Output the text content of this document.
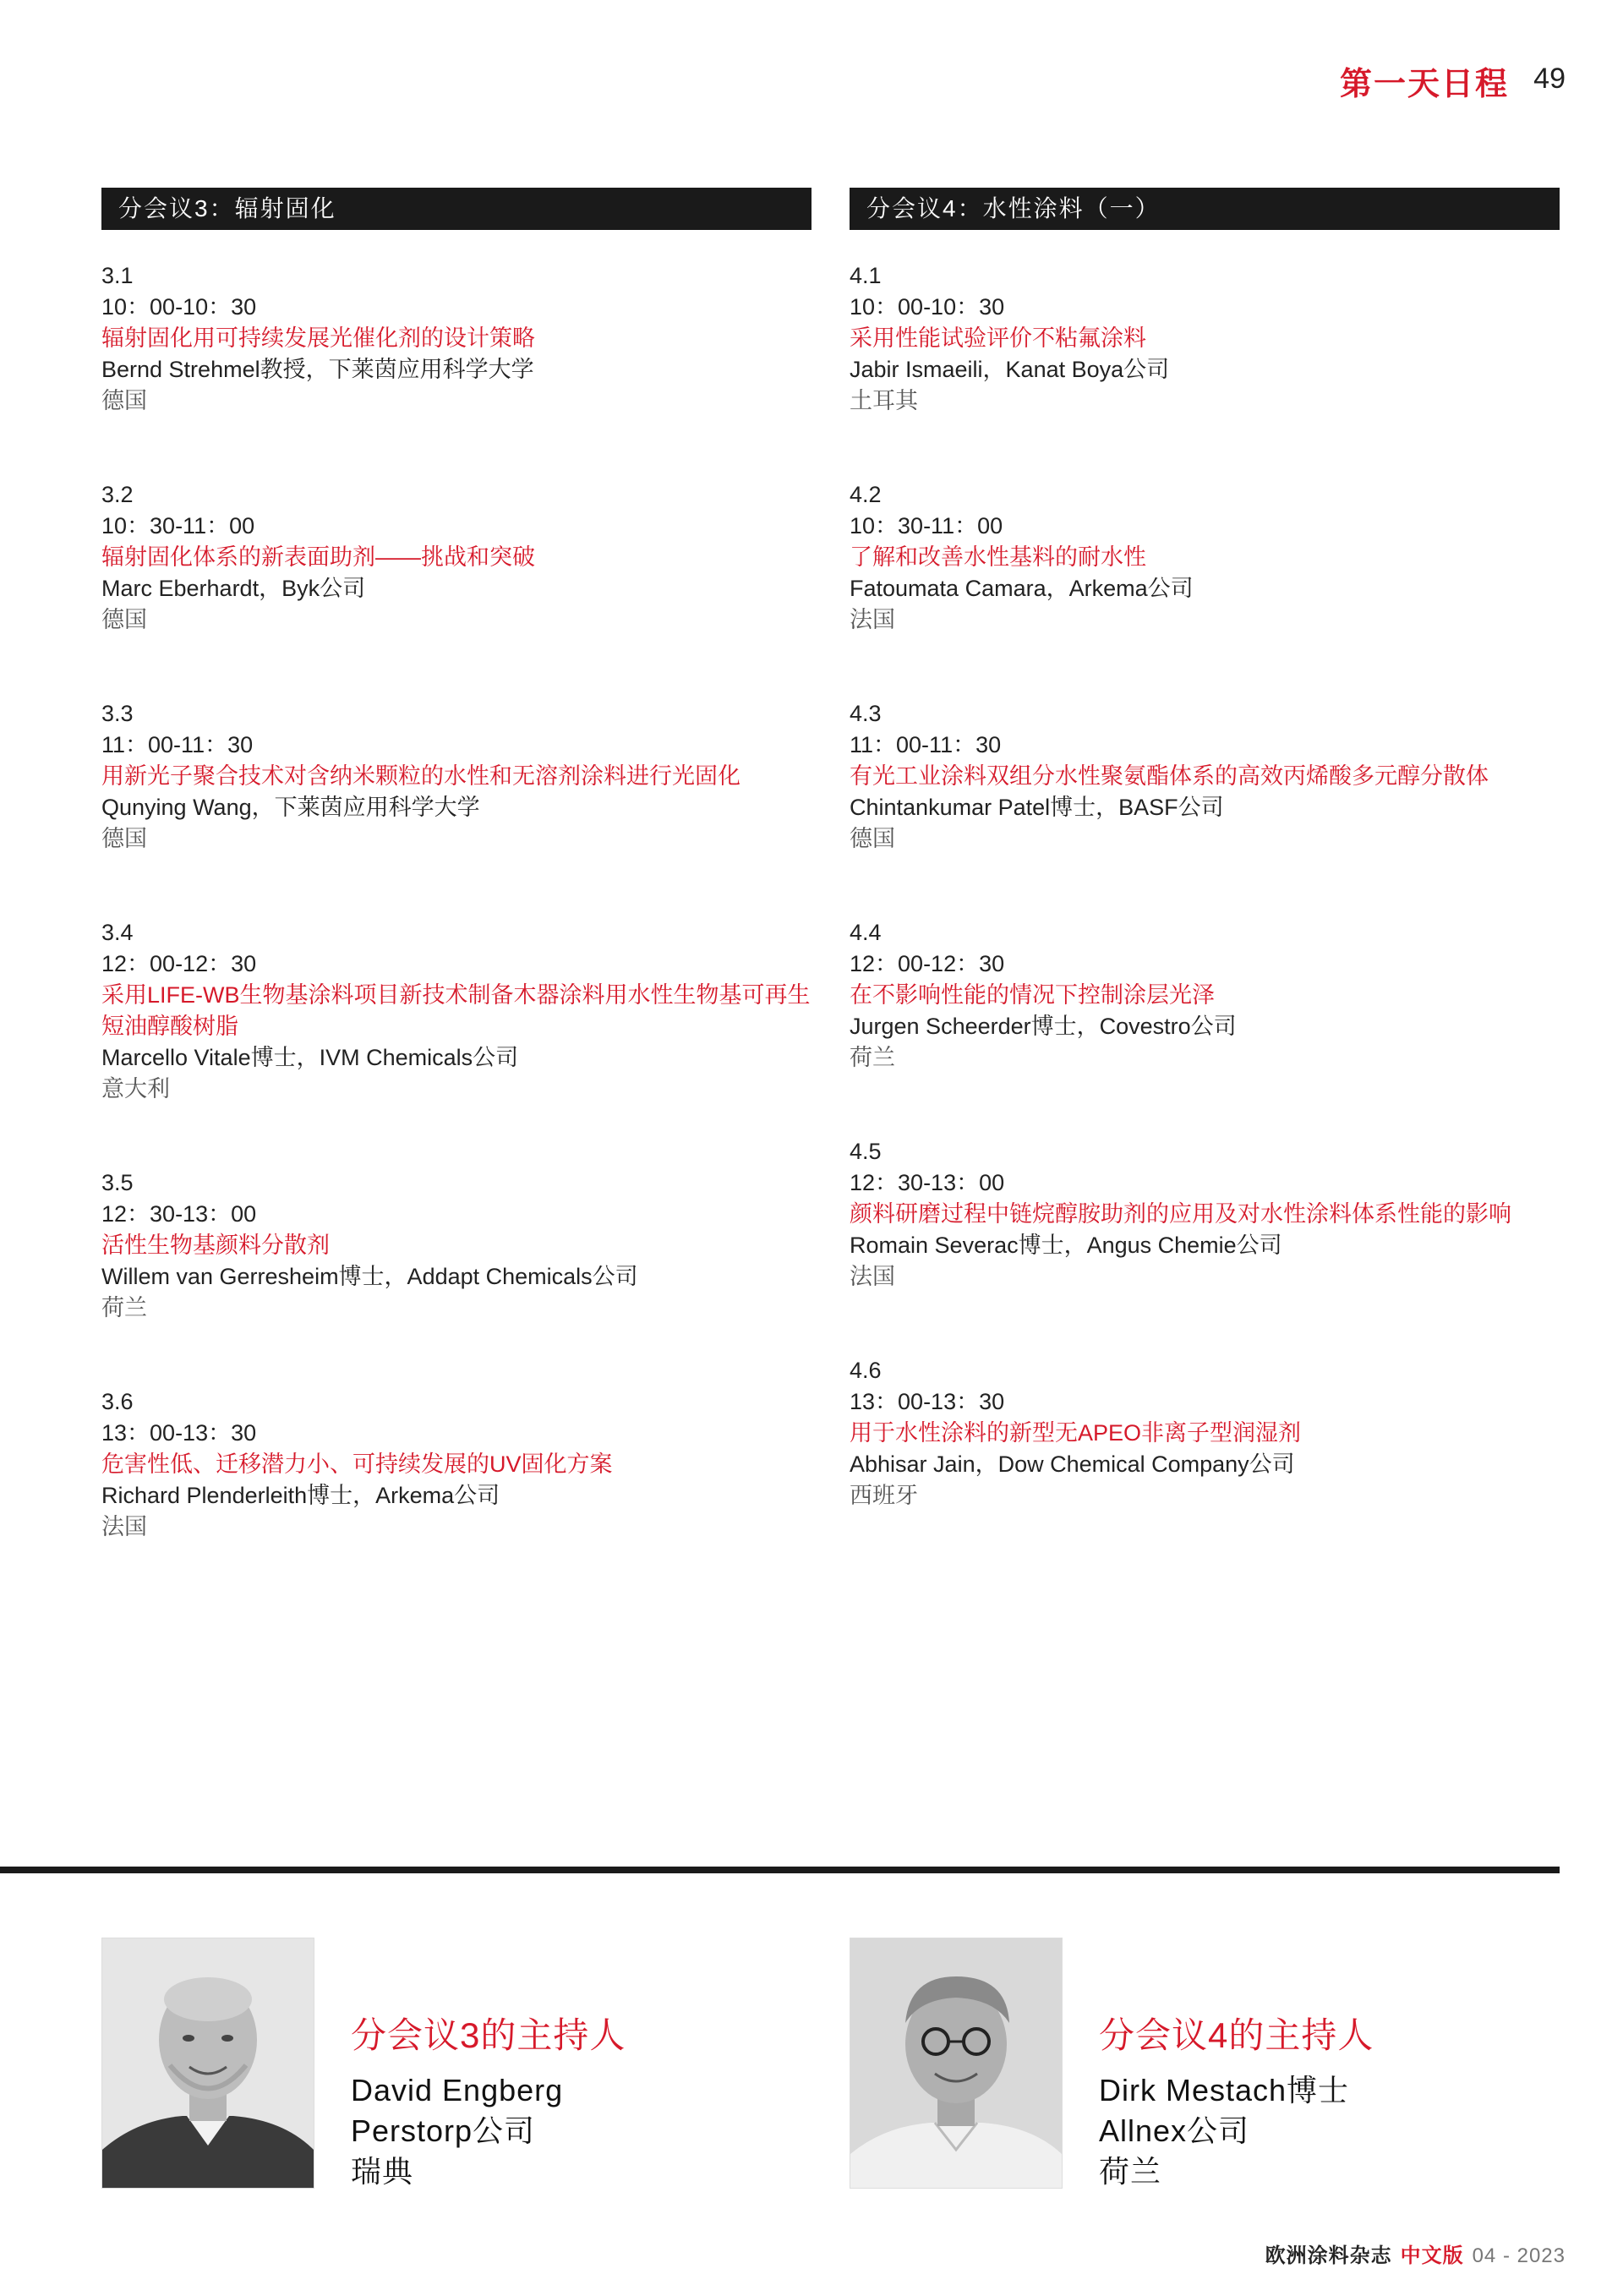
第一天日程 49
分会议3：辐射固化
3.1
10：00-10：30
辐射固化用可持续发展光催化剂的设计策略
Bernd Strehmel教授，下莱茵应用科学大学
德国
3.2
10：30-11：00
辐射固化体系的新表面助剂——挑战和突破
Marc Eberhardt，Byk公司
德国
3.3
11：00-11：30
用新光子聚合技术对含纳米颗粒的水性和无溶剂涂料进行光固化
Qunying Wang，下莱茵应用科学大学
德国
3.4
12：00-12：30
采用LIFE-WB生物基涂料项目新技术制备木器涂料用水性生物基可再生短油醇酸树脂
Marcello Vitale博士，IVM Chemicals公司
意大利
3.5
12：30-13：00
活性生物基颜料分散剂
Willem van Gerresheim博士，Addapt Chemicals公司
荷兰
3.6
13：00-13：30
危害性低、迁移潜力小、可持续发展的UV固化方案
Richard Plenderleith博士，Arkema公司
法国
分会议4：水性涂料（一）
4.1
10：00-10：30
采用性能试验评价不粘氟涂料
Jabir Ismaeili，Kanat Boya公司
土耳其
4.2
10：30-11：00
了解和改善水性基料的耐水性
Fatoumata Camara，Arkema公司
法国
4.3
11：00-11：30
有光工业涂料双组分水性聚氨酯体系的高效丙烯酸多元醇分散体
Chintankumar Patel博士，BASF公司
德国
4.4
12：00-12：30
在不影响性能的情况下控制涂层光泽
Jurgen Scheerder博士，Covestro公司
荷兰
4.5
12：30-13：00
颜料研磨过程中链烷醇胺助剂的应用及对水性涂料体系性能的影响
Romain Severac博士，Angus Chemie公司
法国
4.6
13：00-13：30
用于水性涂料的新型无APEO非离子型润湿剂
Abhisar Jain，Dow Chemical Company公司
西班牙
分会议3的主持人
David Engberg
Perstorp公司
瑞典
分会议4的主持人
Dirk Mestach博士
Allnex公司
荷兰
欧洲涂料杂志 中文版 04 - 2023
